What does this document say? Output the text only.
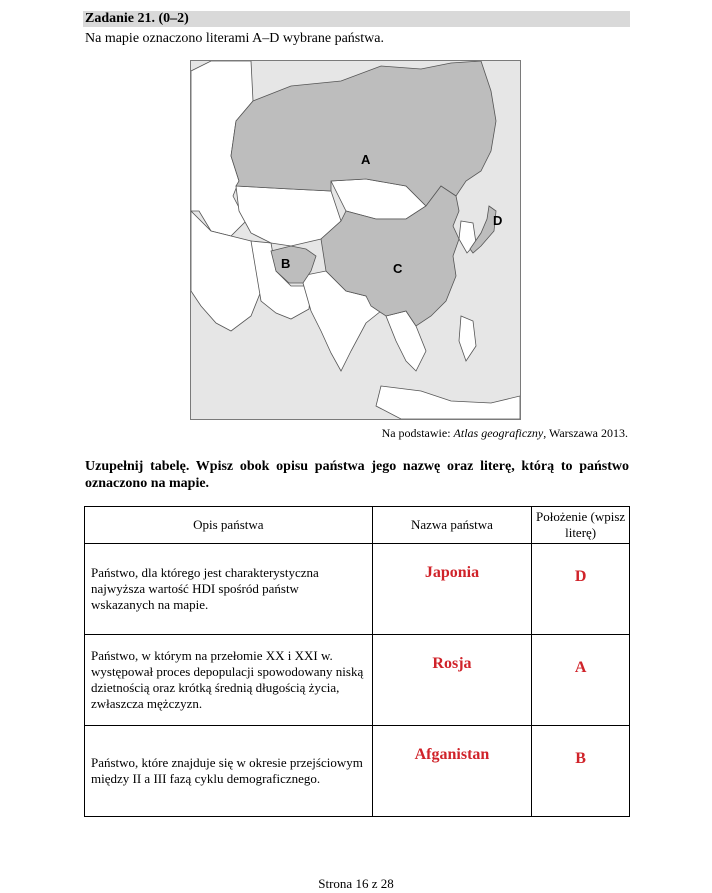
Zadanie 21. (0–2)
Na mapie oznaczono literami A–D wybrane państwa.
A
B	C
D
Na podstawie: Atlas geograficzny, Warszawa 2013.
Uzupełnij tabelę. Wpisz obok opisu państwa jego nazwę oraz literę, którą to państwo oznaczono na mapie.
Opis państwa	Nazwa państwa	Położenie (wpisz literę)
Państwo, dla którego jest charakterystyczna najwyższa wartość HDI spośród państw wskazanych na mapie.	Japonia	D

Państwo, w którym na przełomie XX i XXI w. występował proces depopulacji spowodowany niską dzietnością oraz krótką średnią długością życia, zwłaszcza mężczyzn.	Rosja	A

Państwo, które znajduje się w okresie przejściowym między II a III fazą cyklu demograficznego.	Afganistan	B
Strona 16 z 28
